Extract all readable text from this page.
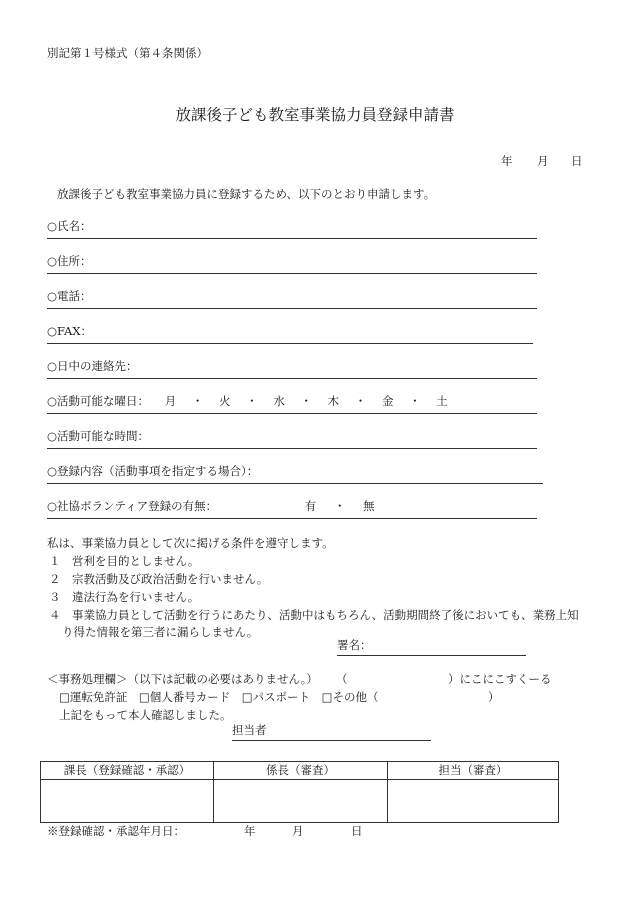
別記第１号様式（第４条関係）
放課後子ども教室事業協力員登録申請書
年 月 日
放課後子ども教室事業協力員に登録するため、以下のとおり申請します。
○氏名：
○住所：
○電話：
○FAX：
○日中の連絡先：
○活動可能な曜日： 月 ・ 火 ・ 水 ・ 木 ・ 金 ・ 土
○活動可能な時間：
○登録内容（活動事項を指定する場合）：
○社協ボランティア登録の有無：	有 ・ 無
私は、事業協力員として次に掲げる条件を遵守します。
１　営利を目的としません。
２　宗教活動及び政治活動を行いません。
３　違法行為を行いません。
４　事業協力員として活動を行うにあたり、活動中はもちろん、活動期間終了後においても、業務上知
り得た情報を第三者に漏らしません。
署名：
＜事務処理欄＞（以下は記載の必要はありません。） （	）にこにこすくーる
□運転免許証　□個人番号カード　□パスポート　□その他（	）
上記をもって本人確認しました。
担当者
課長（登録確認・承認）	係長（審査）	担当（審査）

※登録確認・承認年月日：	年	月	日
